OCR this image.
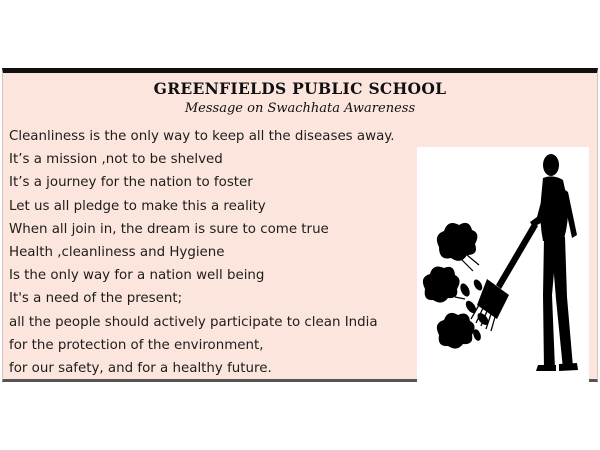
GREENFIELDS PUBLIC SCHOOL
Message on Swachhata Awareness
Cleanliness is the only way to keep all the diseases away.
It’s a mission ,not to be shelved
It’s a journey for the nation to foster
Let us all pledge to make this a reality
When all join in, the dream is sure to come true
Health ,cleanliness and Hygiene
Is the only way for a nation well being
It's a need of the present;
all the people should actively participate to clean India
for the protection of the environment,
for our safety, and for a healthy future.
